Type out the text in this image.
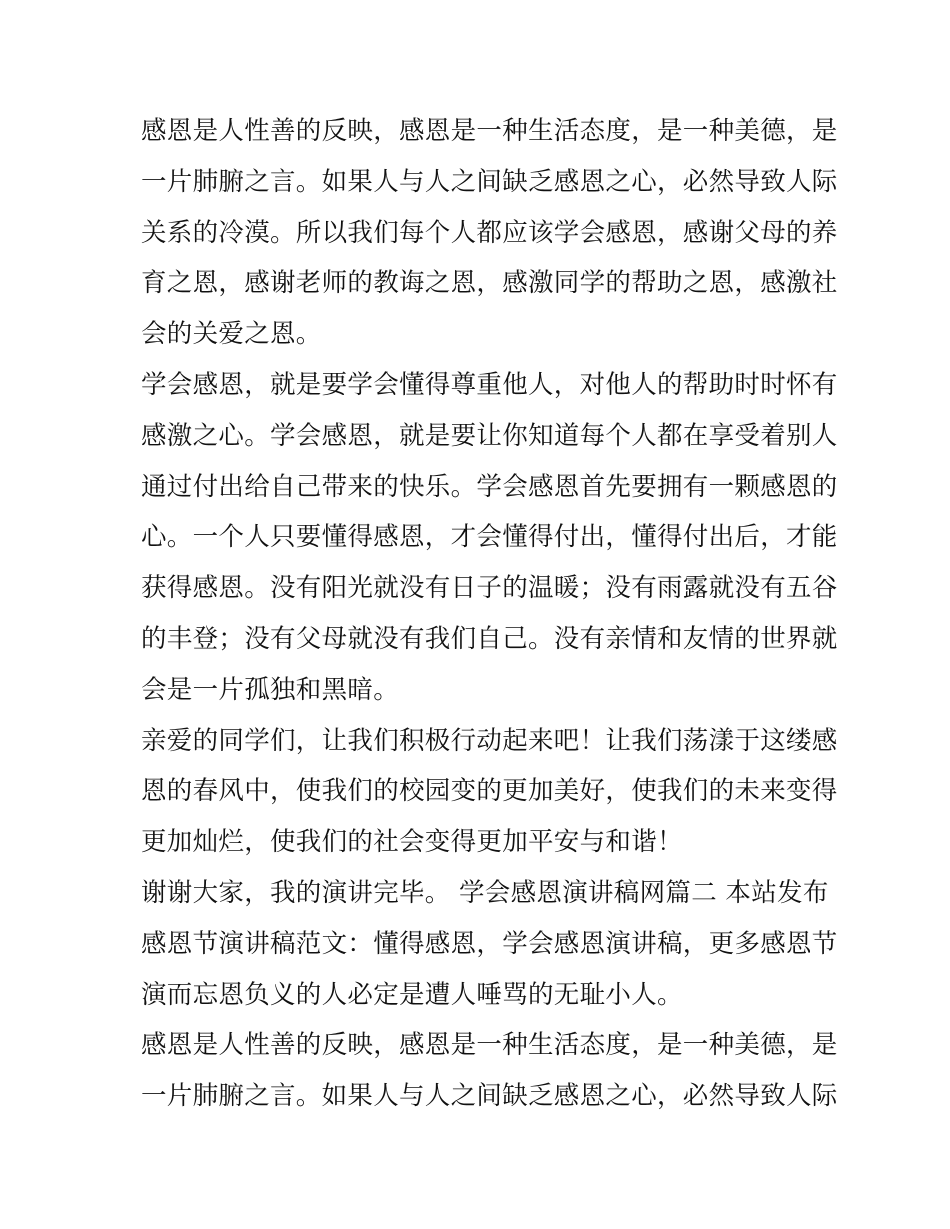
感恩是人性善的反映，感恩是一种生活态度，是一种美德，是
一片肺腑之言。如果人与人之间缺乏感恩之心，必然导致人际
关系的冷漠。所以我们每个人都应该学会感恩，感谢父母的养
育之恩，感谢老师的教诲之恩，感激同学的帮助之恩，感激社
会的关爱之恩。
学会感恩，就是要学会懂得尊重他人，对他人的帮助时时怀有
感激之心。学会感恩，就是要让你知道每个人都在享受着别人
通过付出给自己带来的快乐。学会感恩首先要拥有一颗感恩的
心。一个人只要懂得感恩，才会懂得付出，懂得付出后，才能
获得感恩。没有阳光就没有日子的温暖；没有雨露就没有五谷
的丰登；没有父母就没有我们自己。没有亲情和友情的世界就
会是一片孤独和黑暗。
亲爱的同学们，让我们积极行动起来吧！让我们荡漾于这缕感
恩的春风中，使我们的校园变的更加美好，使我们的未来变得
更加灿烂，使我们的社会变得更加平安与和谐！
谢谢大家，我的演讲完毕。 学会感恩演讲稿网篇二 本站发布
感恩节演讲稿范文：懂得感恩，学会感恩演讲稿，更多感恩节
演而忘恩负义的人必定是遭人唾骂的无耻小人。
感恩是人性善的反映，感恩是一种生活态度，是一种美德，是
一片肺腑之言。如果人与人之间缺乏感恩之心，必然导致人际
